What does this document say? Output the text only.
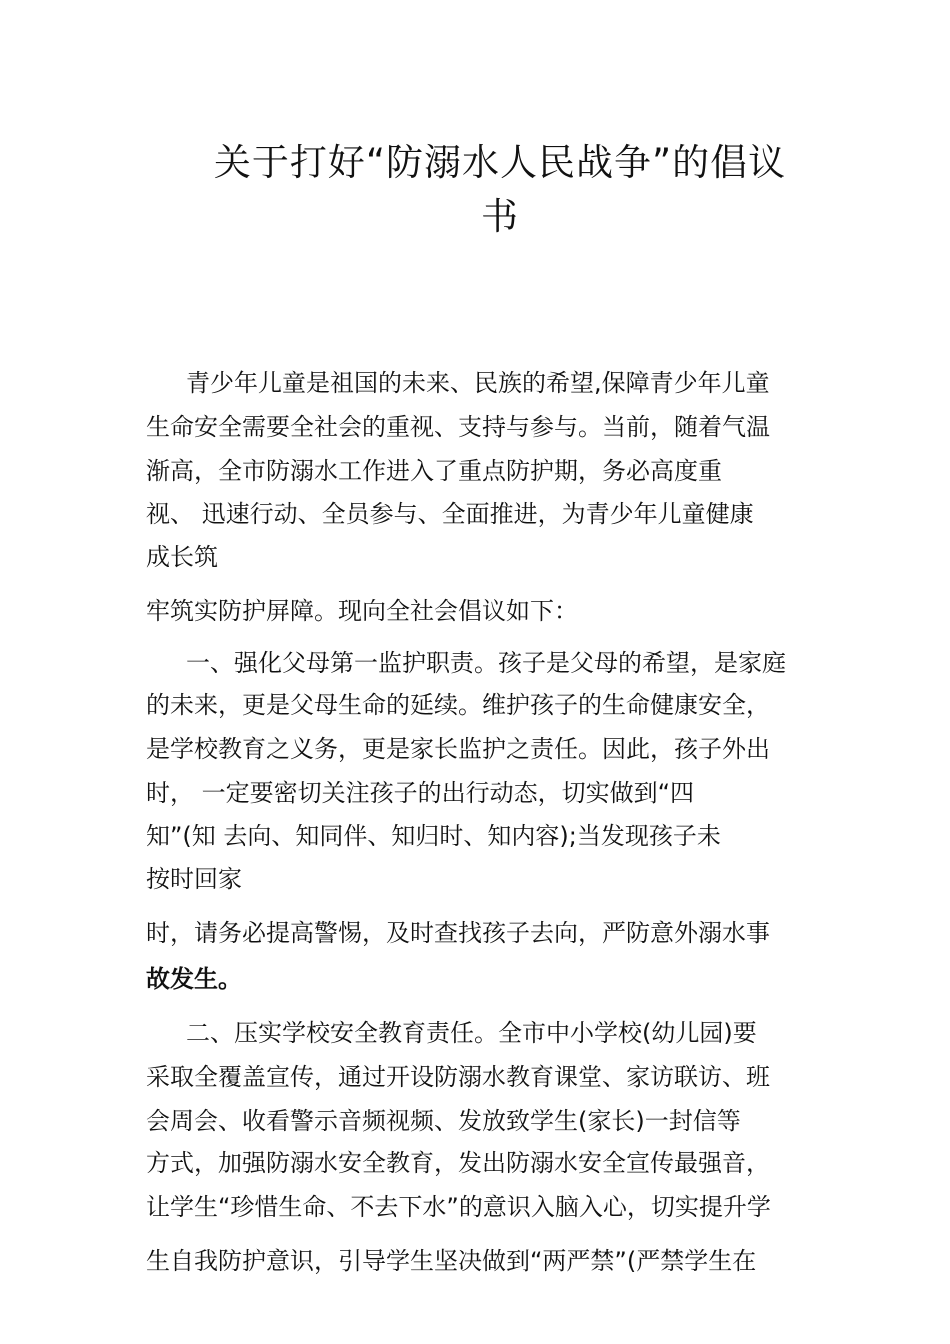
关于打好“防溺水人民战争”的倡议
书

青少年儿童是祖国的未来、民族的希望,保障青少年儿童

生命安全需要全社会的重视、支持与参与。当前，随着气温

渐高，全市防溺水工作进入了重点防护期，务必高度重

视、 迅速行动、全员参与、全面推进，为青少年儿童健康

成长筑

牢筑实防护屏障。现向全社会倡议如下：

一、强化父母第一监护职责。孩子是父母的希望，是家庭

的未来，更是父母生命的延续。维护孩子的生命健康安全，

是学校教育之义务，更是家长监护之责任。因此，孩子外出

时， 一定要密切关注孩子的出行动态，切实做到“四

知”(知 去向、知同伴、知归时、知内容);当发现孩子未

按时回家

时，请务必提高警惕，及时查找孩子去向，严防意外溺水事

故发生。

二、压实学校安全教育责任。全市中小学校(幼儿园)要

采取全覆盖宣传，通过开设防溺水教育课堂、家访联访、班

会周会、收看警示音频视频、发放致学生(家长)一封信等

方式，加强防溺水安全教育，发出防溺水安全宣传最强音，

让学生“珍惜生命、不去下水”的意识入脑入心，切实提升学

生自我防护意识，引导学生坚决做到“两严禁”(严禁学生在
